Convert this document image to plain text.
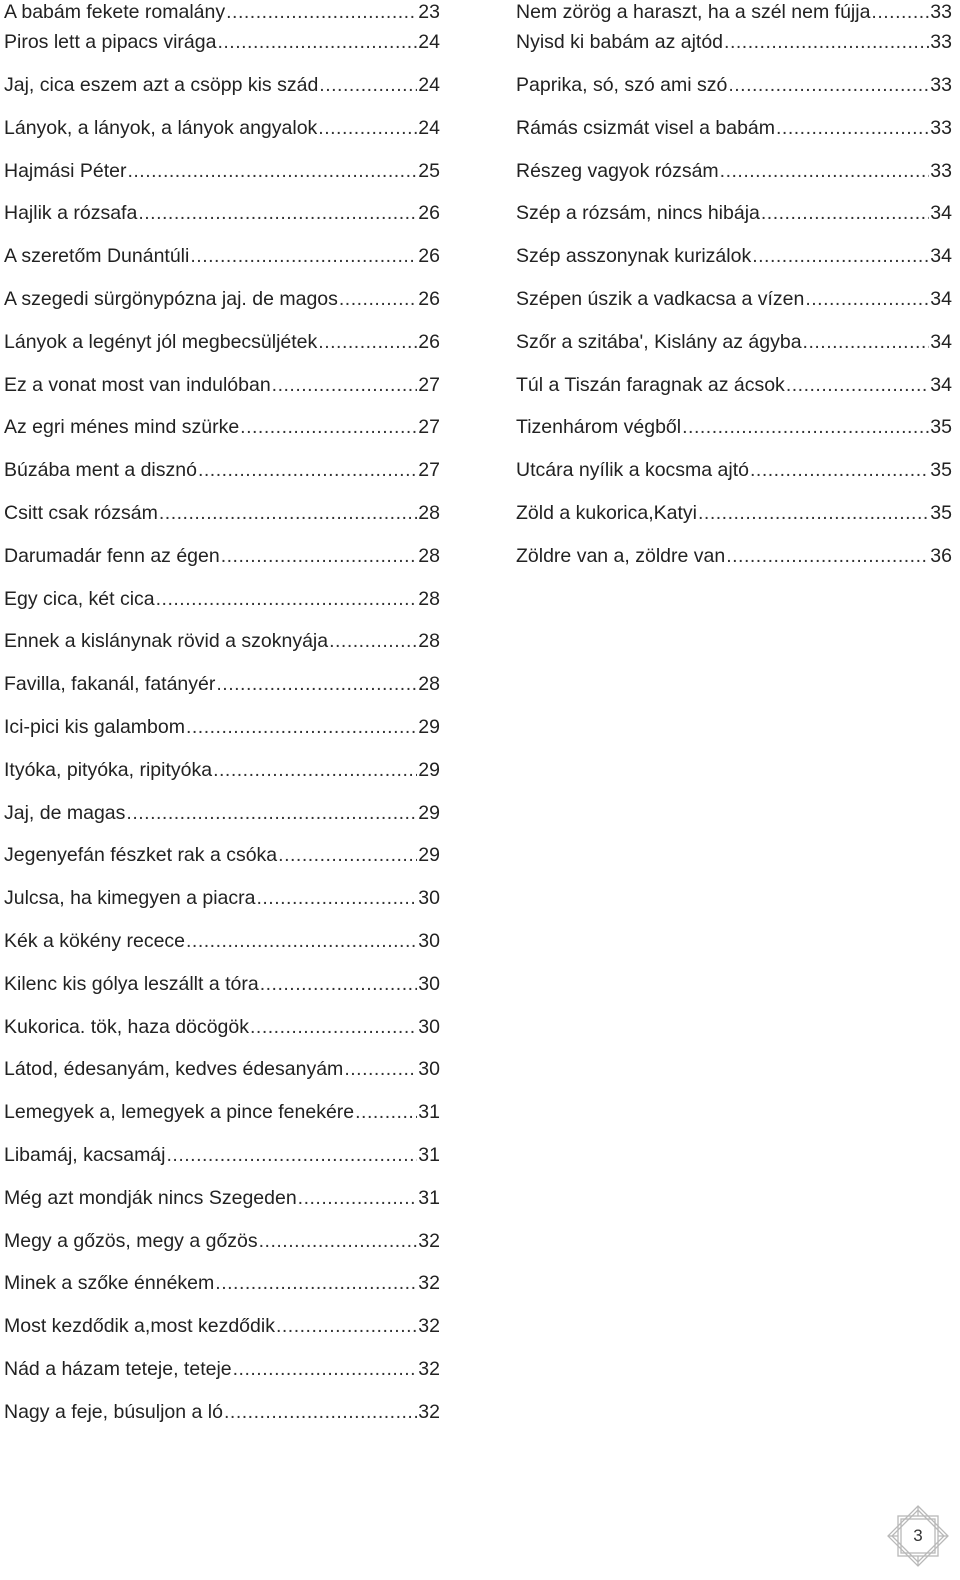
A babám fekete romalány .....	23
Piros lett a pipacs virága .....	24
Jaj, cica eszem azt a csöpp kis szád .....	24
Lányok, a lányok, a lányok angyalok .....	24
Hajmási Péter .....	25
Hajlik a rózsafa .....	26
A szeretőm Dunántúli .....	26
A szegedi sürgönypózna jaj. de magos .....	26
Lányok a legényt jól megbecsüljétek .....	26
Ez a vonat most van indulóban .....	27
Az egri ménes mind szürke .....	27
Búzába ment a disznó .....	27
Csitt csak rózsám .....	28
Darumadár fenn az égen .....	28
Egy cica, két cica .....	28
Ennek a kislánynak rövid a szoknyája .....	28
Favilla, fakanál, fatányér .....	28
Ici-pici kis galambom .....	29
Ityóka, pityóka, ripityóka .....	29
Jaj, de magas .....	29
Jegenyefán fészket rak a csóka .....	29
Julcsa, ha kimegyen a piacra .....	30
Kék a kökény recece .....	30
Kilenc kis gólya leszállt a tóra .....	30
Kukorica. tök, haza döcögök .....	30
Látod, édesanyám, kedves édesanyám .....	30
Lemegyek a, lemegyek a pince fenekére .....	31
Libamáj, kacsamáj .....	31
Még azt mondják nincs Szegeden .....	31
Megy a gőzös, megy a gőzös .....	32
Minek a szőke énnékem .....	32
Most kezdődik a,most kezdődik .....	32
Nád a házam teteje, teteje .....	32
Nagy a feje, búsuljon a ló .....	32
Nem zörög a haraszt, ha a szél nem fújja .....	33
Nyisd ki babám az ajtód .....	33
Paprika, só, szó ami szó .....	33
Rámás csizmát visel a babám .....	33
Részeg vagyok rózsám .....	33
Szép a rózsám, nincs hibája .....	34
Szép asszonynak kurizálok .....	34
Szépen úszik a vadkacsa a vízen .....	34
Szőr a szitába', Kislány az ágyba .....	34
Túl a Tiszán faragnak az ácsok .....	34
Tizenhárom végből .....	35
Utcára nyílik a kocsma ajtó .....	35
Zöld a kukorica,Katyi .....	35
Zöldre van a, zöldre van .....	36
3
